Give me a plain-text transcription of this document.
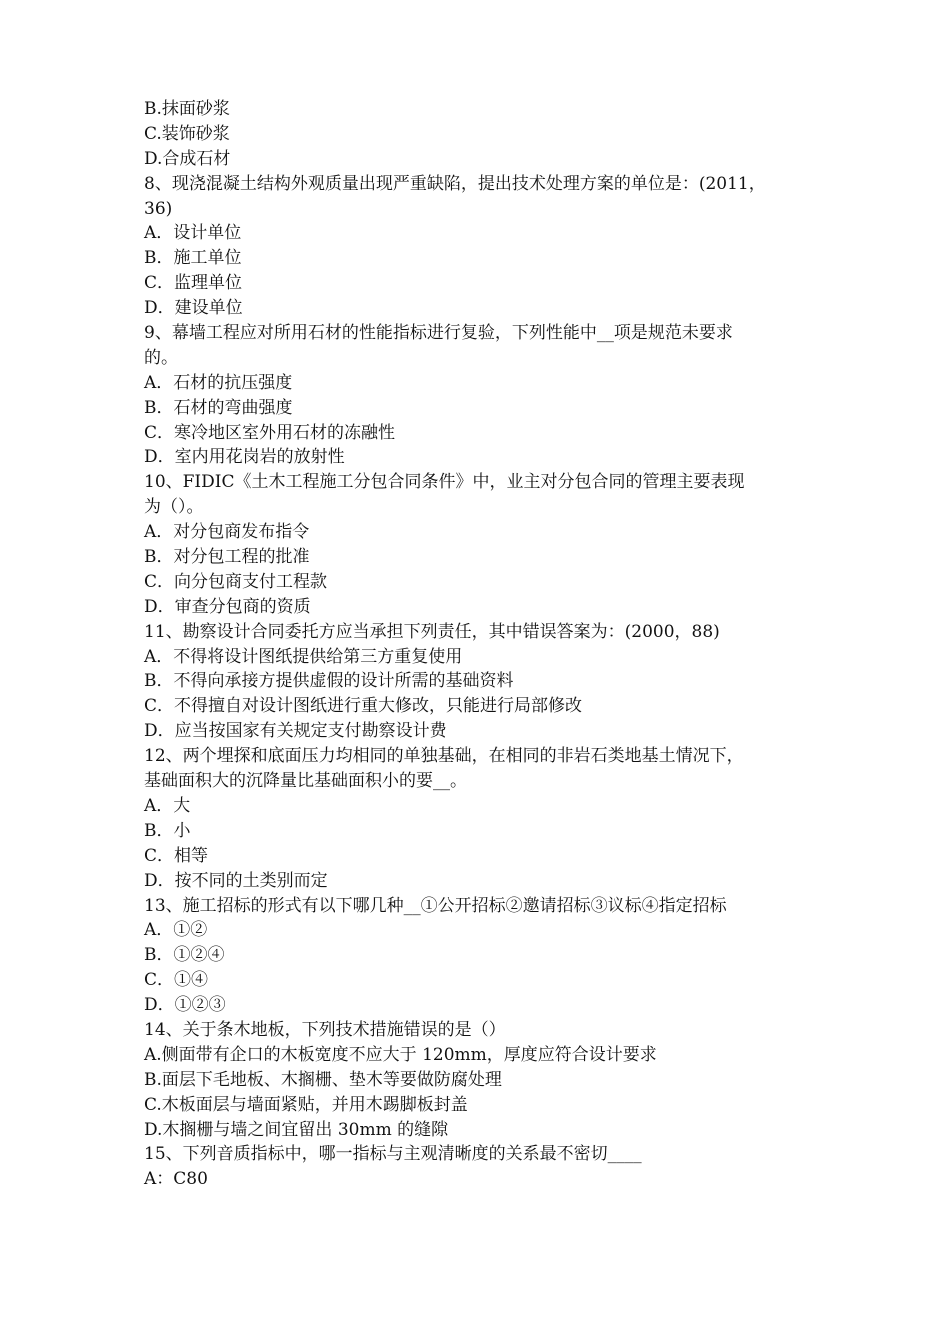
B.抹面砂浆
C.装饰砂浆
D.合成石材
8、现浇混凝土结构外观质量出现严重缺陷，提出技术处理方案的单位是：(2011，
36)
A．设计单位
B．施工单位
C．监理单位
D．建设单位
9、幕墙工程应对所用石材的性能指标进行复验，下列性能中__项是规范未要求
的。
A．石材的抗压强度
B．石材的弯曲强度
C．寒冷地区室外用石材的冻融性
D．室内用花岗岩的放射性
10、FIDIC《土木工程施工分包合同条件》中，业主对分包合同的管理主要表现
为（）。
A．对分包商发布指令
B．对分包工程的批准
C．向分包商支付工程款
D．审查分包商的资质
11、勘察设计合同委托方应当承担下列责任，其中错误答案为：(2000，88)
A．不得将设计图纸提供给第三方重复使用
B．不得向承接方提供虚假的设计所需的基础资料
C．不得擅自对设计图纸进行重大修改，只能进行局部修改
D．应当按国家有关规定支付勘察设计费
12、两个埋探和底面压力均相同的单独基础，在相同的非岩石类地基土情况下，
基础面积大的沉降量比基础面积小的要__。
A．大
B．小
C．相等
D．按不同的土类别而定
13、施工招标的形式有以下哪几种__①公开招标②邀请招标③议标④指定招标
A．①②
B．①②④
C．①④
D．①②③
14、关于条木地板，下列技术措施错误的是（）
A.侧面带有企口的木板宽度不应大于 120mm，厚度应符合设计要求
B.面层下毛地板、木搁栅、垫木等要做防腐处理
C.木板面层与墙面紧贴，并用木踢脚板封盖
D.木搁栅与墙之间宜留出 30mm 的缝隙
15、下列音质指标中，哪一指标与主观清晰度的关系最不密切____
A：C80
